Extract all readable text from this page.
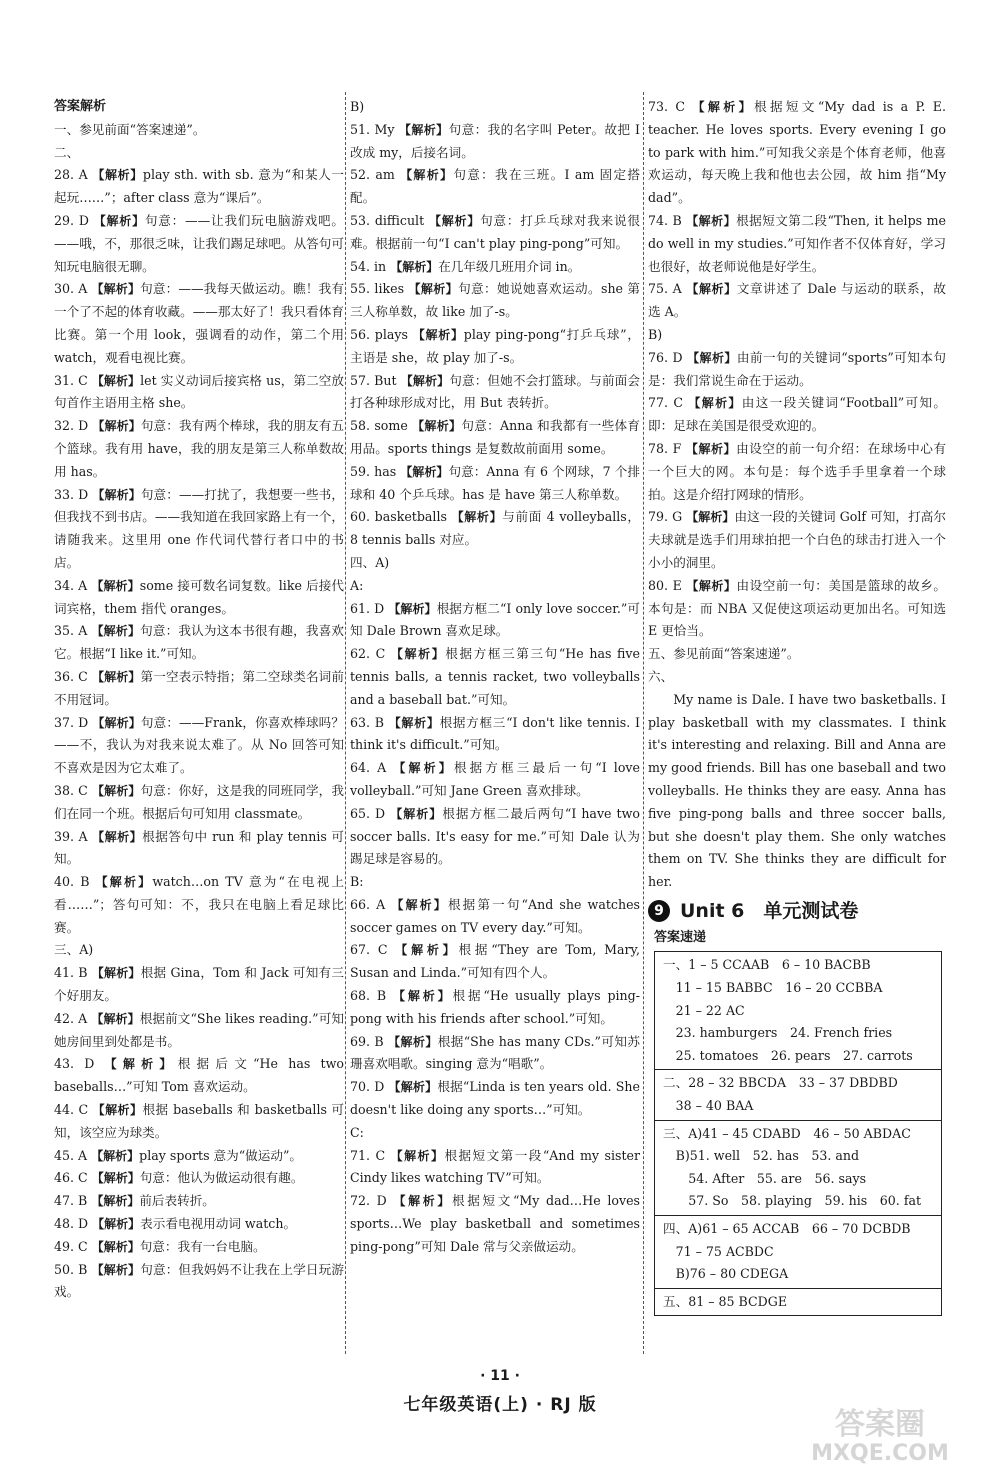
答案解析

一、参见前面“答案速递”。

二、

28. A 【解析】play sth. with sb. 意为“和某人一起玩……”；after class 意为“课后”。

29. D 【解析】句意：——让我们玩电脑游戏吧。——哦，不，那很乏味，让我们踢足球吧。从答句可知玩电脑很无聊。

30. A 【解析】句意：——我每天做运动。瞧！我有一个了不起的体育收藏。——那太好了！我只看体育比赛。第一个用 look，强调看的动作，第二个用 watch，观看电视比赛。

31. C 【解析】let 实义动词后接宾格 us，第二空放句首作主语用主格 she。

32. D 【解析】句意：我有两个棒球，我的朋友有五个篮球。我有用 have，我的朋友是第三人称单数故用 has。

33. D 【解析】句意：——打扰了，我想要一些书，但我找不到书店。——我知道在我回家路上有一个，请随我来。这里用 one 作代词代替行者口中的书店。

34. A 【解析】some 接可数名词复数。like 后接代词宾格，them 指代 oranges。

35. A 【解析】句意：我认为这本书很有趣，我喜欢它。根据“I like it.”可知。

36. C 【解析】第一空表示特指；第二空球类名词前不用冠词。

37. D 【解析】句意：——Frank，你喜欢棒球吗？——不，我认为对我来说太难了。从 No 回答可知不喜欢是因为它太难了。

38. C 【解析】句意：你好，这是我的同班同学，我们在同一个班。根据后句可知用 classmate。

39. A 【解析】根据答句中 run 和 play tennis 可知。

40. B 【解析】watch…on TV 意为“在电视上看……”；答句可知：不，我只在电脑上看足球比赛。

三、A)

41. B 【解析】根据 Gina，Tom 和 Jack 可知有三个好朋友。

42. A 【解析】根据前文“She likes reading.”可知她房间里到处都是书。

43. D 【解析】根据后文“He has two baseballs…”可知 Tom 喜欢运动。

44. C 【解析】根据 baseballs 和 basketballs 可知，该空应为球类。

45. A 【解析】play sports 意为“做运动”。

46. C 【解析】句意：他认为做运动很有趣。

47. B 【解析】前后表转折。

48. D 【解析】表示看电视用动词 watch。

49. C 【解析】句意：我有一台电脑。

50. B 【解析】句意：但我妈妈不让我在上学日玩游戏。

B)

51. My 【解析】句意：我的名字叫 Peter。故把 I 改成 my，后接名词。

52. am 【解析】句意：我在三班。I am 固定搭配。

53. difficult 【解析】句意：打乒乓球对我来说很难。根据前一句“I can't play ping-pong”可知。

54. in 【解析】在几年级几班用介词 in。

55. likes 【解析】句意：她说她喜欢运动。she 第三人称单数，故 like 加了-s。

56. plays 【解析】play ping-pong“打乒乓球”，主语是 she，故 play 加了-s。

57. But 【解析】句意：但她不会打篮球。与前面会打各种球形成对比，用 But 表转折。

58. some 【解析】句意：Anna 和我都有一些体育用品。sports things 是复数故前面用 some。

59. has 【解析】句意：Anna 有 6 个网球，7 个排球和 40 个乒乓球。has 是 have 第三人称单数。

60. basketballs 【解析】与前面 4 volleyballs，8 tennis balls 对应。

四、A)

A:

61. D 【解析】根据方框二“I only love soccer.”可知 Dale Brown 喜欢足球。

62. C 【解析】根据方框三第三句“He has five tennis balls, a tennis racket, two volleyballs and a baseball bat.”可知。

63. B 【解析】根据方框三“I don't like tennis. I think it's difficult.”可知。

64. A 【解析】根据方框三最后一句“I love volleyball.”可知 Jane Green 喜欢排球。

65. D 【解析】根据方框二最后两句“I have two soccer balls. It's easy for me.”可知 Dale 认为踢足球是容易的。

B:

66. A 【解析】根据第一句“And she watches soccer games on TV every day.”可知。

67. C 【解析】根据“They are Tom, Mary, Susan and Linda.”可知有四个人。

68. B 【解析】根据“He usually plays ping-pong with his friends after school.”可知。

69. B 【解析】根据“She has many CDs.”可知苏珊喜欢唱歌。singing 意为“唱歌”。

70. D 【解析】根据“Linda is ten years old. She doesn't like doing any sports…”可知。

C:

71. C 【解析】根据短文第一段“And my sister Cindy likes watching TV”可知。

72. D 【解析】根据短文“My dad…He loves sports…We play basketball and sometimes ping-pong”可知 Dale 常与父亲做运动。

73. C 【解析】根据短文“My dad is a P. E. teacher. He loves sports. Every evening I go to park with him.”可知我父亲是个体育老师，他喜欢运动，每天晚上我和他也去公园，故 him 指“My dad”。

74. B 【解析】根据短文第二段“Then, it helps me do well in my studies.”可知作者不仅体育好，学习也很好，故老师说他是好学生。

75. A 【解析】文章讲述了 Dale 与运动的联系，故选 A。

B)

76. D 【解析】由前一句的关键词“sports”可知本句是：我们常说生命在于运动。

77. C 【解析】由这一段关键词“Football”可知。即：足球在美国是很受欢迎的。

78. F 【解析】由设空的前一句介绍：在球场中心有一个巨大的网。本句是：每个选手手里拿着一个球拍。这是介绍打网球的情形。

79. G 【解析】由这一段的关键词 Golf 可知，打高尔夫球就是选手们用球拍把一个白色的球击打进入一个小小的洞里。

80. E 【解析】由设空前一句：美国是篮球的故乡。本句是：而 NBA 又促使这项运动更加出名。可知选 E 更恰当。

五、参见前面“答案速递”。

六、

My name is Dale. I have two basketballs. I play basketball with my classmates. I think it's interesting and relaxing. Bill and Anna are my good friends. Bill has one baseball and two volleyballs. He thinks they are easy. Anna has five ping-pong balls and three soccer balls, but she doesn't play them. She only watches them on TV. She thinks they are difficult for her.

9 Unit 6　单元测试卷
答案速递

一、1 – 5 CCAAB　6 – 10 BACBB

　11 – 15 BABBC　16 – 20 CCBBA

　21 – 22 AC

　23. hamburgers　24. French fries

　25. tomatoes　26. pears　27. carrots

二、28 – 32 BBCDA　33 – 37 DBDBD

　38 – 40 BAA

三、A)41 – 45 CDABD　46 – 50 ABDAC

　B)51. well　52. has　53. and

　　54. After　55. are　56. says

　　57. So　58. playing　59. his　60. fat

四、A)61 – 65 ACCAB　66 – 70 DCBDB

　71 – 75 ACBDC

　B)76 – 80 CDEGA

五、81 – 85 BCDGE

· 11 ·
七年级英语(上) · RJ 版
答案圈
MXQE.COM
